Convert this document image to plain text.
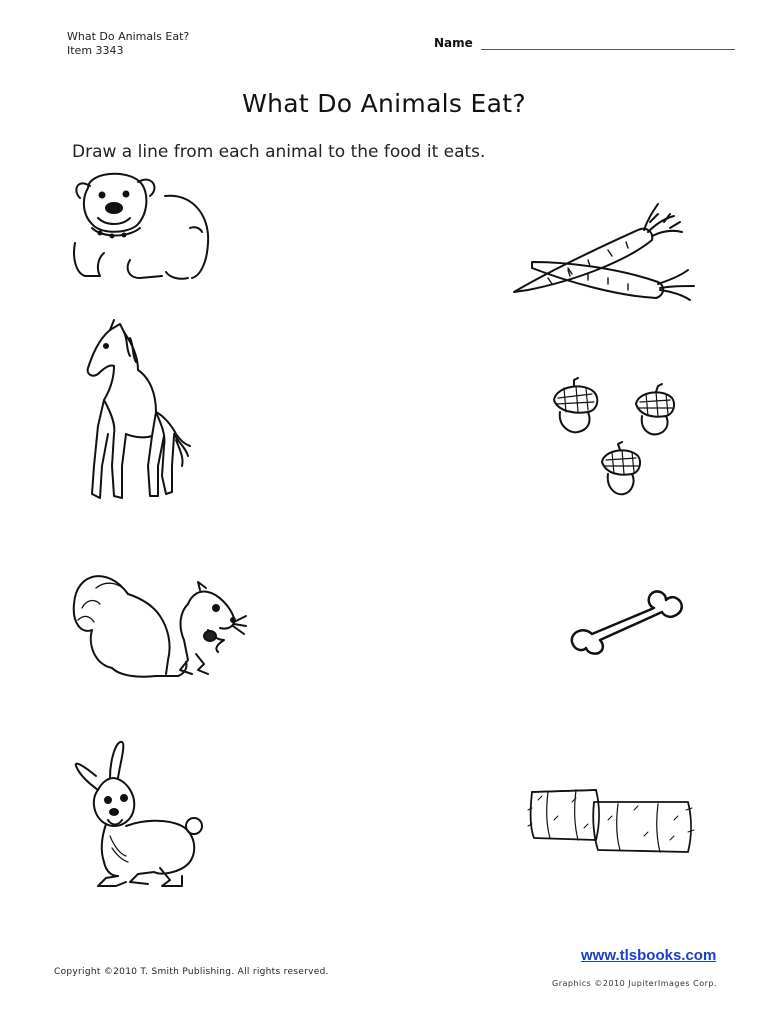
What Do Animals Eat?
Item 3343
Name
What Do Animals Eat?
Draw a line from each animal to the food it eats.
www.tlsbooks.com
Copyright ©2010 T. Smith Publishing. All rights reserved.
Graphics ©2010 JupiterImages Corp.
